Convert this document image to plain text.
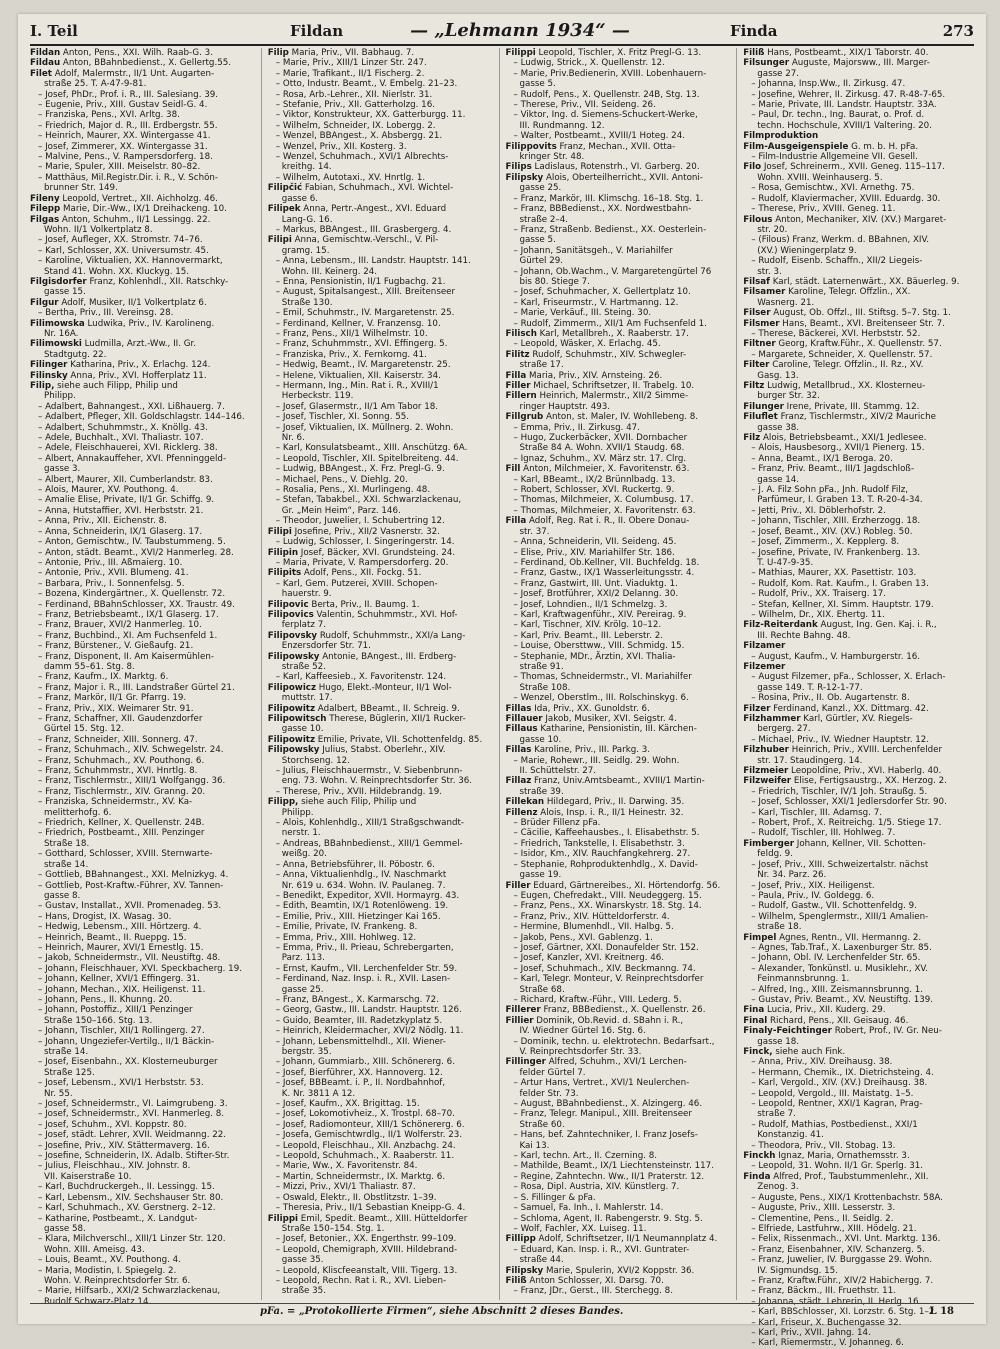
I. Teil	Fildan	— „Lehmann 1934“ —	Finda	273
Fildan Anton, Pens., XXI. Wilh. Raab-G. 3.
Fildau Anton, BBahnbedienst., X. Gellertg.55.
Filet Adolf, Malermstr., II/1 Unt. Augarten-
straße 25. T. A-47-9-81.
– Josef, PhDr., Prof. i. R., III. Salesiang. 39.
– Eugenie, Priv., XIII. Gustav Seidl-G. 4.
– Franziska, Pens., XVI. Arltg. 38.
– Friedrich, Major d. R., III. Erdbergstr. 55.
– Heinrich, Maurer, XX. Wintergasse 41.
– Josef, Zimmerer, XX. Wintergasse 31.
– Malvine, Pens., V. Rampersdorferg. 18.
– Marie, Spuler, XIII. Meiselstr. 80–82.
– Matthäus, Mil.Registr.Dir. i. R., V. Schön-
brunner Str. 149.
Fileny Leopold, Vertret., XII. Aichholzg. 46.
Filepp Marie, Dir.-Ww., IX/1 Dreihackeng. 10.
Filgas Anton, Schuhm., II/1 Lessingg. 22.
Wohn. II/1 Volkertplatz 8.
– Josef, Aufleger, XX. Stromstr. 74–76.
– Karl, Schlosser, XX. Universumstr. 45.
– Karoline, Viktualien, XX. Hannovermarkt,
Stand 41. Wohn. XX. Kluckyg. 15.
Filgisdorfer Franz, Kohlenhdl., XII. Ratschky-
gasse 15.
Filgur Adolf, Musiker, II/1 Volkertplatz 6.
– Bertha, Priv., III. Vereinsg. 28.
Filimowska Ludwika, Priv., IV. Karolineng.
Nr. 16A.
Filimowski Ludmilla, Arzt.-Ww., II. Gr.
Stadtgutg. 22.
Filinger Katharina, Priv., X. Erlachg. 124.
Filinsky Anna, Priv., XVI. Hofferplatz 11.
Filip, siehe auch Filipp, Philip und
Philipp.
– Adalbert, Bahnangest., XXI. Lißhauerg. 7.
– Adalbert, Pfleger, XII. Goldschlagstr. 144–146.
– Adalbert, Schuhmmstr., X. Knöllg. 43.
– Adele, Buchhalt., XVI. Thaliastr. 107.
– Adele, Fleischhauerei, XVI. Ricklerg. 38.
– Albert, Annakauffeher, XVI. Pfenninggeld-
gasse 3.
– Albert, Maurer, XII. Cumberlandstr. 83.
– Alois, Maurer, XV. Pouthong. 4.
– Amalie Elise, Private, II/1 Gr. Schiffg. 9.
– Anna, Hutstaffier, XVI. Herbststr. 21.
– Anna, Priv., XII. Eichenstr. 8.
– Anna, Schneiderin, IX/1 Glaserg. 17.
– Anton, Gemischtw., IV. Taubstummeng. 5.
– Anton, städt. Beamt., XVI/2 Hanmerleg. 28.
– Antonie, Priv., III. Aßmaierg. 10.
– Antonie, Priv., XVII. Blumeng. 41.
– Barbara, Priv., I. Sonnenfelsg. 5.
– Bozena, Kindergärtner., X. Quellenstr. 72.
– Ferdinand, BBahnSchlosser, XX. Traustr. 49.
– Franz, Betriebsbeamt., IX/1 Glaserg. 17.
– Franz, Brauer, XVI/2 Hanmerleg. 10.
– Franz, Buchbind., XI. Am Fuchsenfeld 1.
– Franz, Bürstener., V. Gießaufg. 21.
– Franz, Disponent, II. Am Kaisermühlen-
damm 55–61. Stg. 8.
– Franz, Kaufm., IX. Marktg. 6.
– Franz, Major i. R., III. Landstraßer Gürtel 21.
– Franz, Markör, II/1 Gr. Pfarrg. 19.
– Franz, Priv., XIX. Weimarer Str. 91.
– Franz, Schaffner, XII. Gaudenzdorfer
Gürtel 15. Stg. 12.
– Franz, Schneider, XIII. Sonnerg. 47.
– Franz, Schuhmach., XIV. Schwegelstr. 24.
– Franz, Schuhmach., XV. Pouthong. 6.
– Franz, Schuhmmstr., XVI. Hnrtlg. 8.
– Franz, Tischlermstr., XIII/1 Wolfgangg. 36.
– Franz, Tischlermstr., XIV. Granng. 20.
– Franziska, Schneidermstr., XV. Ka-
melitterhofg. 6.
– Friedrich, Kellner, X. Quellenstr. 24B.
– Friedrich, Postbeamt., XIII. Penzinger
Straße 18.
– Gotthard, Schlosser, XVIII. Sternwarte-
straße 14.
– Gottlieb, BBahnangest., XXI. Melnizkyg. 4.
– Gottlieb, Post-Kraftw.-Führer, XV. Tannen-
gasse 8.
– Gustav, Installat., XVII. Promenadeg. 53.
– Hans, Drogist, IX. Wasag. 30.
– Hedwig, Lebensm., XIII. Hörtzerg. 4.
– Heinrich, Beamt., II. Rueppg. 15.
– Heinrich, Maurer, XVI/1 Ernestlg. 15.
– Jakob, Schneidermstr., VII. Neustiftg. 48.
– Johann, Fleischhauer, XVI. Speckbacherg. 19.
– Johann, Kellner, XVI/1 Effingerg. 31.
– Johann, Mechan., XIX. Heiligenst. 11.
– Johann, Pens., II. Khunng. 20.
– Johann, Postoffiz., XIII/1 Penzinger
Straße 150–166. Stg. 13.
– Johann, Tischler, XII/1 Rollingerg. 27.
– Johann, Ungeziefer-Vertilg., II/1 Bäckin-
straße 14.
– Josef, Eisenbahn., XX. Klosterneuburger
Straße 125.
– Josef, Lebensm., XVI/1 Herbststr. 53.
Nr. 55.
– Josef, Schneidermstr., VI. Laimgrubeng. 3.
– Josef, Schneidermstr., XVI. Hanmerleg. 8.
– Josef, Schuhm., XVI. Koppstr. 80.
– Josef, städt. Lehrer, XVII. Weidmanng. 22.
– Josefine, Priv., XIV. Stättermaverg. 16.
– Josefine, Schneiderin, IX. Adalb. Stifter-Str.
– Julius, Fleischhau., XIV. Johnstr. 8.
VII. Kaiserstraße 10.
– Karl, Buchdruckergeh., II. Lessingg. 15.
– Karl, Lebensm., XIV. Sechshauser Str. 80.
– Karl, Schuhmach., XV. Gerstnerg. 2–12.
– Katharine, Postbeamt., X. Landgut-
gasse 58.
– Klara, Milchverschl., XIII/1 Linzer Str. 120.
Wohn. XIII. Ameisg. 43.
– Louis, Beamt., XV. Pouthong. 4.
– Maria, Modistin, I. Spiegelg. 2.
Wohn. V. Reinprechtsdorfer Str. 6.
– Marie, Hilfsarb., XXI/2 Schwarzlackenau,
Rudolf Schwarz-Platz 14.
Filip Maria, Priv., VII. Babhaug. 7.
– Marie, Priv., XIII/1 Linzer Str. 247.
– Marie, Trafikant., II/1 Fischerg. 2.
– Otto, Industr. Beamt., V. Embelg. 21–23.
– Rosa, Arb.-Lehrer., XII. Nierlstr. 31.
– Stefanie, Priv., XII. Gatterholzg. 16.
– Viktor, Konstrukteur, XX. Gatterburgg. 11.
– Wilhelm, Schneider, IX. Lobergg. 2.
– Wenzel, BBAngest., X. Absbergg. 21.
– Wenzel, Priv., XII. Kosterg. 3.
– Wenzel, Schuhmach., XVI/1 Albrechts-
kreithg. 14.
– Wilhelm, Autotaxi., XV. Hnrtlg. 1.
Filipčić Fabian, Schuhmach., XVI. Wichtel-
gasse 6.
Filipek Anna, Pertr.-Angest., XVI. Eduard
Lang-G. 16.
– Markus, BBAngest., III. Grasbergerg. 4.
Filipi Anna, Gemischtw.-Verschl., V. Pil-
gramg. 15.
– Anna, Lebensm., III. Landstr. Hauptstr. 141.
Wohn. III. Keinerg. 24.
– Enna, Pensionistin, II/1 Fugbachg. 21.
– August, Spitalsangest., XIII. Breitenseer
Straße 130.
– Emil, Schuhmstr., IV. Margaretenstr. 25.
– Ferdinand, Kellner, V. Franzensg. 10.
– Franz, Pens., XII/1 Wilhelmstr. 10.
– Franz, Schuhmmstr., XVI. Effingerg. 5.
– Franziska, Priv., X. Fernkorng. 41.
– Hedwig, Beamt., IV. Margaretenstr. 25.
– Helene, Viktualien, XII. Kaiserstr. 34.
– Hermann, Ing., Min. Rat i. R., XVIII/1
Herbeckstr. 119.
– Josef, Glasermstr., II/1 Am Tabor 18.
– Josef, Tischler, XI. Sonng. 55.
– Josef, Viktualien, IX. Müllnerg. 2. Wohn.
Nr. 6.
– Karl, Konsulatsbeamt., XIII. Anschützg. 6A.
– Leopold, Tischler, XII. Spitelbreiteng. 44.
– Ludwig, BBAngest., X. Frz. Pregl-G. 9.
– Michael, Pens., V. Diehlg. 20.
– Rosalia, Pens., XI. Murlingeng. 48.
– Stefan, Tabakbel., XXI. Schwarzlackenau,
Gr. „Mein Heim“, Parz. 146.
– Theodor, Juwelier, I. Schubertring 12.
Filipi Josefine, Priv., XII/2 Vasnerstr. 32.
– Ludwig, Schlosser, I. Singeringerstr. 14.
Filipin Josef, Bäcker, XVI. Grundsteing. 24.
– Maria, Private, V. Rampersdorferg. 20.
Filipits Adolf, Pens., XII. Fockg. 51.
– Karl, Gem. Putzerei, XVIII. Schopen-
hauerstr. 9.
Filipovic Berta, Priv., II. Baumg. 1.
Filipovics Valentin, Schuhmmstr., XVI. Hof-
ferplatz 7.
Filipovsky Rudolf, Schuhmmstr., XXI/a Lang-
Enzersdorfer Str. 71.
Filipowsky Antonie, BAngest., III. Erdberg-
straße 52.
– Karl, Kaffeesieb., X. Favoritenstr. 124.
Filipowicz Hugo, Elekt.-Monteur, II/1 Wol-
muttstr. 17.
Filipowitz Adalbert, BBeamt., II. Schreig. 9.
Filipowitsch Therese, Büglerin, XII/1 Rucker-
gasse 10.
Filipowitz Emilie, Private, VII. Schottenfeldg. 85.
Filipowsky Julius, Stabst. Oberlehr., XIV.
Storchseng. 12.
– Julius, Fleischhauermstr., V. Siebenbrunn-
eng. 73. Wohn. V. Reinprechtsdorfer Str. 36.
– Therese, Priv., XVII. Hildebrandg. 19.
Filipp, siehe auch Filip, Philip und
Philipp.
– Alois, Kohlenhdlg., XIII/1 Straßgschwandt-
nerstr. 1.
– Andreas, BBahnbedienst., XIII/1 Gemmel-
weißg. 20.
– Anna, Betriebsführer, II. Pöbostr. 6.
– Anna, Viktualienhdlg., IV. Naschmarkt
Nr. 619 u. 634. Wohn. IV. Paulaneg. 7.
– Benedikt, Expeditor, XVII. Hormayrg. 43.
– Edith, Beamtin, IX/1 Rotenlöweng. 19.
– Emilie, Priv., XIII. Hietzinger Kai 165.
– Emilie, Private, IV. Frankeng. 8.
– Emma, Priv., XIII. Hohlweg. 12.
– Emma, Priv., II. Prieau, Schrebergarten,
Parz. 113.
– Ernst, Kaufm., VII. Lerchenfelder Str. 59.
– Ferdinand, Naz. Insp. i. R., XVII. Lasen-
gasse 25.
– Franz, BAngest., X. Karmarschg. 72.
– Georg, Gastw., III. Landstr. Hauptstr. 126.
– Guido, Beamter, III. Radetzkyplatz 5.
– Heinrich, Kleidermacher, XVI/2 Nödlg. 11.
– Johann, Lebensmittelhdl., XII. Wiener-
bergstr. 35.
– Johann, Gummiarb., XIII. Schönererg. 6.
– Josef, Bierführer, XX. Hannoverg. 12.
– Josef, BBBeamt. i. P., II. Nordbahnhof,
K. Nr. 3811 A 12.
– Josef, Kaufm., XX. Brigittag. 15.
– Josef, Lokomotivheiz., X. Trostpl. 68–70.
– Josef, Radiomonteur, XIII/1 Schönererg. 6.
– Josefa, Gemischtwrdlg., II/1 Wolferstr. 23.
– Leopold, Fleischhau., XII. Anzbachg. 24.
– Leopold, Schuhmach., X. Raaberstr. 11.
– Marie, Ww., X. Favoritenstr. 84.
– Martin, Schneidermstr., IX. Marktg. 6.
– Mizzi, Priv., XVI/1 Thaliastr. 87.
– Oswald, Elektr., II. Obstlitzstr. 1–39.
– Theresia, Priv., II/1 Sebastian Kneipp-G. 4.
Filippi Emil, Spedit. Beamt., XIII. Hütteldorfer
Straße 150–154. Stg. 1.
– Josef, Betonier., XX. Engerthstr. 99–109.
– Leopold, Chemigraph, XVIII. Hildebrand-
gasse 35.
– Leopold, Kliscfeeanstalt, VIII. Tigerg. 13.
– Leopold, Rechn. Rat i. R., XVI. Lieben-
straße 35.
Filippi Leopold, Tischler, X. Fritz Pregl-G. 13.
– Ludwig, Strick., X. Quellenstr. 12.
– Marie, Priv.Bedienerin, XVIII. Lobenhauern-
gasse 5.
– Rudolf, Pens., X. Quellenstr. 24B, Stg. 13.
– Therese, Priv., VII. Seideng. 26.
– Viktor, Ing. d. Siemens-Schuckert-Werke,
III. Rundmanng. 12.
– Walter, Postbeamt., XVIII/1 Hoteg. 24.
Filippovits Franz, Mechan., XVII. Otta-
kringer Str. 48.
Filips Ladislaus, Rotenstrh., VI. Garberg. 20.
Filipsky Alois, Oberteilherricht., XVII. Antoni-
gasse 25.
– Franz, Markör, III. Klimschg. 16–18. Stg. 1.
– Franz, BBBedienst., XX. Nordwestbahn-
straße 2–4.
– Franz, Straßenb. Bedienst., XX. Oesterlein-
gasse 5.
– Johann, Sanitätsgeh., V. Mariahilfer
Gürtel 29.
– Johann, Ob.Wachm., V. Margaretengürtel 76
bis 80. Stiege 7.
– Josef, Schuhmacher, X. Gellertplatz 10.
– Karl, Friseurmstr., V. Hartmanng. 12.
– Marie, Verkäuf., III. Steing. 30.
– Rudolf, Zimmerm., XII/1 Am Fuchsenfeld 1.
Filisch Karl, Metallbreh., X. Raaberstr. 17.
– Leopold, Wäsker, X. Erlachg. 45.
Filitz Rudolf, Schuhmstr., XIV. Schwegler-
straße 17.
Filla Maria, Priv., XIV. Arnsteing. 26.
Filler Michael, Schriftsetzer, II. Trabelg. 10.
Fillern Heinrich, Malermstr., XII/2 Simme-
ringer Hauptstr. 493.
Fillgrub Anton, st. Maler, IV. Wohllebeng. 8.
– Emma, Priv., II. Zirkusg. 47.
– Hugo, Zuckerbäcker, XVII. Dornbacher
Straße 84 A. Wohn. XVII/1 Staudg. 68.
– Ignaz, Schuhm., XV. März str. 17. Clrg.
Fill Anton, Milchmeier, X. Favoritenstr. 63.
– Karl, BBeamt., IX/2 Brünnlbadg. 13.
– Robert, Schlosser, XVI. Ruckertg. 9.
– Thomas, Milchmeier, X. Columbusg. 17.
– Thomas, Milchmeier, X. Favoritenstr. 63.
Filla Adolf, Reg. Rat i. R., II. Obere Donau-
str. 37.
– Anna, Schneiderin, VII. Seideng. 45.
– Elise, Priv., XIV. Mariahilfer Str. 186.
– Ferdinand, Ob.Kellner, VII. Buchfeldg. 18.
– Franz, Gastw., IX/1 Wasserleitungsstr. 4.
– Franz, Gastwirt, III. Unt. Viaduktg. 1.
– Josef, Brotführer, XXI/2 Delanng. 30.
– Josef, Lohndien., II/1 Schmelzg. 3.
– Karl, Kraftwagenführ., XIV. Pereirag. 9.
– Karl, Tischner, XIV. Krölg. 10–12.
– Karl, Priv. Beamt., III. Leberstr. 2.
– Louise, Obersttww., VIII. Schmidg. 15.
– Stephanie, MDr., Ärztin, XVI. Thalia-
straße 91.
– Thomas, Schneidermstr., VI. Mariahilfer
Straße 108.
– Wenzel, Oberstlm., III. Rolschinskyg. 6.
Fillas Ida, Priv., XX. Gunoldstr. 6.
Fillauer Jakob, Musiker, XVI. Seigstr. 4.
Fillaus Katharine, Pensionistin, III. Kärchen-
gasse 10.
Fillas Karoline, Priv., III. Parkg. 3.
– Marie, Rohewr., III. Seidlg. 29. Wohn.
II. Schüttelstr. 27.
Fillaz Franz, Univ.Amtsbeamt., XVIII/1 Martin-
straße 39.
Fillekan Hildegard, Priv., II. Darwing. 35.
Fillenz Alois, Insp. i. R., II/1 Heinestr. 32.
– Brüder Fillenz pFa.
– Cäcilie, Kaffeehausbes., I. Elisabethstr. 5.
– Friedrich, Tankstelle, I. Elisabethstr. 3.
– Isidor, Km., XIV. Rauchfangkehrerg. 27.
– Stephanie, Rohproduktenhdlg., X. David-
gasse 19.
Filler Eduard, Gärtnereibes., XI. Hörtendorfg. 56.
– Eugen, Chefredakt., VIII. Neudeggerg. 15.
– Franz, Pens., XX. Winarskystr. 18. Stg. 14.
– Franz, Priv., XIV. Hütteldorferstr. 4.
– Hermine, Blumenhdl., VII. Halbg. 5.
– Jakob, Pens., XVI. Gablenzg. 1.
– Josef, Gärtner, XXI. Donaufelder Str. 152.
– Josef, Kanzler, XVI. Kreitnerg. 46.
– Josef, Schuhmach., XIV. Beckmanng. 74.
– Karl, Telegr. Monteur, V. Reinprechtsdorfer
Straße 68.
– Richard, Kraftw.-Führ., VIII. Lederg. 5.
Fillerer Franz, BBBedienst., X. Quellenstr. 26.
Fillier Dominik, Ob.Revid. d. SBahn i. R.,
IV. Wiedner Gürtel 16. Stg. 6.
– Dominik, techn. u. elektrotechn. Bedarfsart.,
V. Reinprechtsdorfer Str. 33.
Fillinger Alfred, Schuhm., XVI/1 Lerchen-
felder Gürtel 7.
– Artur Hans, Vertret., XVI/1 Neulerchen-
felder Str. 73.
– August, BBahnbedienst., X. Alzingerg. 46.
– Franz, Telegr. Manipul., XIII. Breitenseer
Straße 60.
– Hans, bef. Zahntechniker, I. Franz Josefs-
Kai 13.
– Karl, techn. Art., II. Czerning. 8.
– Mathilde, Beamt., IX/1 Liechtensteinstr. 117.
– Regine, Zahntechn. Ww., II/1 Praterstr. 12.
– Rosa, Dipl. Austria, XIV. Künstlerg. 7.
– S. Fillinger & pFa.
– Samuel, Fa. Inh., I. Mahlerstr. 14.
– Schloma, Agent, II. Rabengerstr. 9. Stg. 5.
– Wolf, Fachler, XX. Luiseg. 11.
Fillipp Adolf, Schriftsetzer, II/1 Neumannplatz 4.
– Eduard, Kan. Insp. i. R., XVI. Guntrater-
straße 44.
Filipsky Marie, Spulerin, XVI/2 Koppstr. 36.
Filiß Anton Schlosser, XI. Darsg. 70.
– Franz, JDr., Gerst., III. Sterchegg. 8.
Filiß Hans, Postbeamt., XIX/1 Taborstr. 40.
Filsunger Auguste, Majorsww., III. Marger-
gasse 27.
– Johanna, Insp.Ww., II. Zirkusg. 47.
– Josefine, Wehrer, II. Zirkusg. 47. R-48-7-65.
– Marie, Private, III. Landstr. Hauptstr. 33A.
– Paul, Dr. techn., Ing. Baurat, o. Prof. d.
techn. Hochschule, XVIII/1 Valtering. 20.
Filmproduktion
Film-Ausgeigenspiele G. m. b. H. pFa.
– Film-Industrie Allgemeine VII. Gesell.
Filo Josef, Schreinerm., XVII. Geneg. 115–117.
Wohn. XVIII. Weinhauserg. 5.
– Rosa, Gemischtw., XVI. Arnethg. 75.
– Rudolf, Klaviermacher, XVIII. Eduardg. 30.
– Therese, Priv., XVIII. Geneg. 11.
Filous Anton, Mechaniker, XIV. (XV.) Margaret-
str. 20.
– (Filous) Franz, Werkm. d. BBahnen, XIV.
(XV.) Wieningerplatz 9.
– Rudolf, Eisenb. Schaffn., XII/2 Liegeis-
str. 3.
Filsaf Karl, städt. Laternenwärt., XX. Bäuerleg. 9.
Filsamer Karoline, Telegr. Offzlin., XX.
Wasnerg. 21.
Filser August, Ob. Offzl., III. Stiftsg. 5–7. Stg. 1.
Filsmer Hans, Beamt., XVI. Breitenseer Str. 7.
– Therese, Bäckerei, XVI. Herbststr. 52.
Filtner Georg, Kraftw.Führ., X. Quellenstr. 57.
– Margarete, Schneider, X. Quellenstr. 57.
Filter Caroline, Telegr. Offzlin., II. Rz., XV.
Gasg. 13.
Filtz Ludwig, Metallbrud., XX. Klosterneu-
burger Str. 32.
Filunger Irene, Private, III. Stammg. 12.
Filuflet Franz, Tischlermstr., XIV/2 Mauriche
gasse 38.
Filz Alois, Betriebsbeamt., XXI/1 Jedlesee.
– Alois, Hausbesorg., XVII/1 Pienerg. 15.
– Anna, Beamt., IX/1 Beroga. 20.
– Franz, Priv. Beamt., III/1 Jagdschloß-
gasse 14.
– J. A. Filz Sohn pFa., Jnh. Rudolf Filz,
Parfümeur, I. Graben 13. T. R-20-4-34.
– Jetti, Priv., XI. Döblerhofstr. 2.
– Johann, Tischler, XIII. Erzherzogg. 18.
– Josef, Beamt., XIV. (XV.) Robleg. 50.
– Josef, Zimmerm., X. Kepplerg. 8.
– Josefine, Private, IV. Frankenberg. 13.
T. U-47-9-35.
– Mathias, Maurer, XX. Pasettistr. 103.
– Rudolf, Kom. Rat. Kaufm., I. Graben 13.
– Rudolf, Priv., XX. Traiserg. 17.
– Stefan, Kellner, XI. Simm. Hauptstr. 179.
– Wilhelm, Dr., XIX. Ehertg. 11.
Filz-Reiterdank August, Ing. Gen. Kaj. i. R.,
III. Rechte Bahng. 48.
Filzamer
– August, Kaufm., V. Hamburgerstr. 16.
Filzemer
– August Filzemer, pFa., Schlosser, X. Erlach-
gasse 149. T. R-12-1-77.
– Rosina, Priv., II. Ob. Augartenstr. 8.
Filzer Ferdinand, Kanzl., XX. Dittmarg. 42.
Filzhammer Karl, Gürtler, XV. Riegels-
bergerg. 27.
– Michael, Priv., IV. Wiedner Hauptstr. 12.
Filzhuber Heinrich, Priv., XVIII. Lerchenfelder
str. 17. Staudingerg. 14.
Filzmeier Leopoldine, Priv., XVI. Haberlg. 40.
Filzweifer Elise, Fertigsaustrg., XX. Herzog. 2.
– Friedrich, Tischler, IV/1 Joh. Straußg. 5.
– Josef, Schlosser, XXI/1 Jedlersdorfer Str. 90.
– Karl, Tischler, III. Adamsg. 7.
– Robert, Prof., X. Reitreichg. 1/5. Stiege 17.
– Rudolf, Tischler, III. Hohlweg. 7.
Fimberger Johann, Kellner, VII. Schotten-
feldg. 9.
– Josef, Priv., XIII. Schweizertalstr. nächst
Nr. 34. Parz. 26.
– Josef, Priv., XIX. Heiligenst.
– Paula, Priv., IV. Goldegg. 6.
– Rudolf, Gastw., VII. Schottenfeldg. 9.
– Wilhelm, Spenglermstr., XIII/1 Amalien-
straße 18.
Fimpel Agnes, Rentn., VII. Hermanng. 2.
– Agnes, Tab.Traf., X. Laxenburger Str. 85.
– Johann, Obl. IV. Lerchenfelder Str. 65.
– Alexander, Tonkünstl. u. Musiklehr., XV.
Feinmannsbrunng. 1.
– Alfred, Ing., XIII. Zeismannsbrunng. 1.
– Gustav, Priv. Beamt., XV. Neustiftg. 139.
Fina Lucia, Priv., XII. Kuderg. 29.
Final Richard, Pens., XII. Geisaug. 46.
Finaly-Feichtinger Robert, Prof., IV. Gr. Neu-
gasse 18.
Finck, siehe auch Fink.
– Anna, Priv., XIV. Dreihausg. 38.
– Hermann, Chemik., IX. Dietrichsteing. 4.
– Karl, Vergold., XIV. (XV.) Dreihausg. 38.
– Leopold, Vergold., III. Maistatg. 1–5.
– Leopold, Rentner, XXI/1 Kagran, Prag-
straße 7.
– Rudolf, Mathias, Postbedienst., XXI/1
Konstanzig. 41.
– Theodora, Priv., VII. Stobag. 13.
Finckh Ignaz, Maria, Ornathemsstr. 3.
– Leopold, 31. Wohn. II/1 Gr. Sperlg. 31.
Finda Alfred, Prof., Taubstummenlehr., XII.
Zenog. 3.
– Auguste, Pens., XIX/1 Krottenbachstr. 58A.
– Auguste, Priv., XIII. Lesserstr. 3.
– Clementine, Pens., II. Seidlg. 2.
– Elfriede, Lastfuhrw., XIII. Hödelg. 21.
– Felix, Rissenmach., XVI. Unt. Marktg. 136.
– Franz, Eisenbahner, XIV. Schanzerg. 5.
– Franz, Juwelier, IV. Burggasse 29. Wohn.
IV. Sigmundsg. 15.
– Franz, Kraftw.Führ., XIV/2 Habichergg. 7.
– Franz, Bäckm., III. Fruethstr. 11.
– Johanna, städt. Lehrerin, II. Herlg. 16.
– Karl, BBSchlosser, XI. Lorzstr. 6. Stg. 1–2.
– Karl, Friseur, X. Buchengasse 32.
– Karl, Priv., XVII. Jahng. 14.
– Karl, Riemermstr., V. Johanneg. 6.
pFa. = „Protokollierte Firmen“, siehe Abschnitt 2 dieses Bandes.	L 18
